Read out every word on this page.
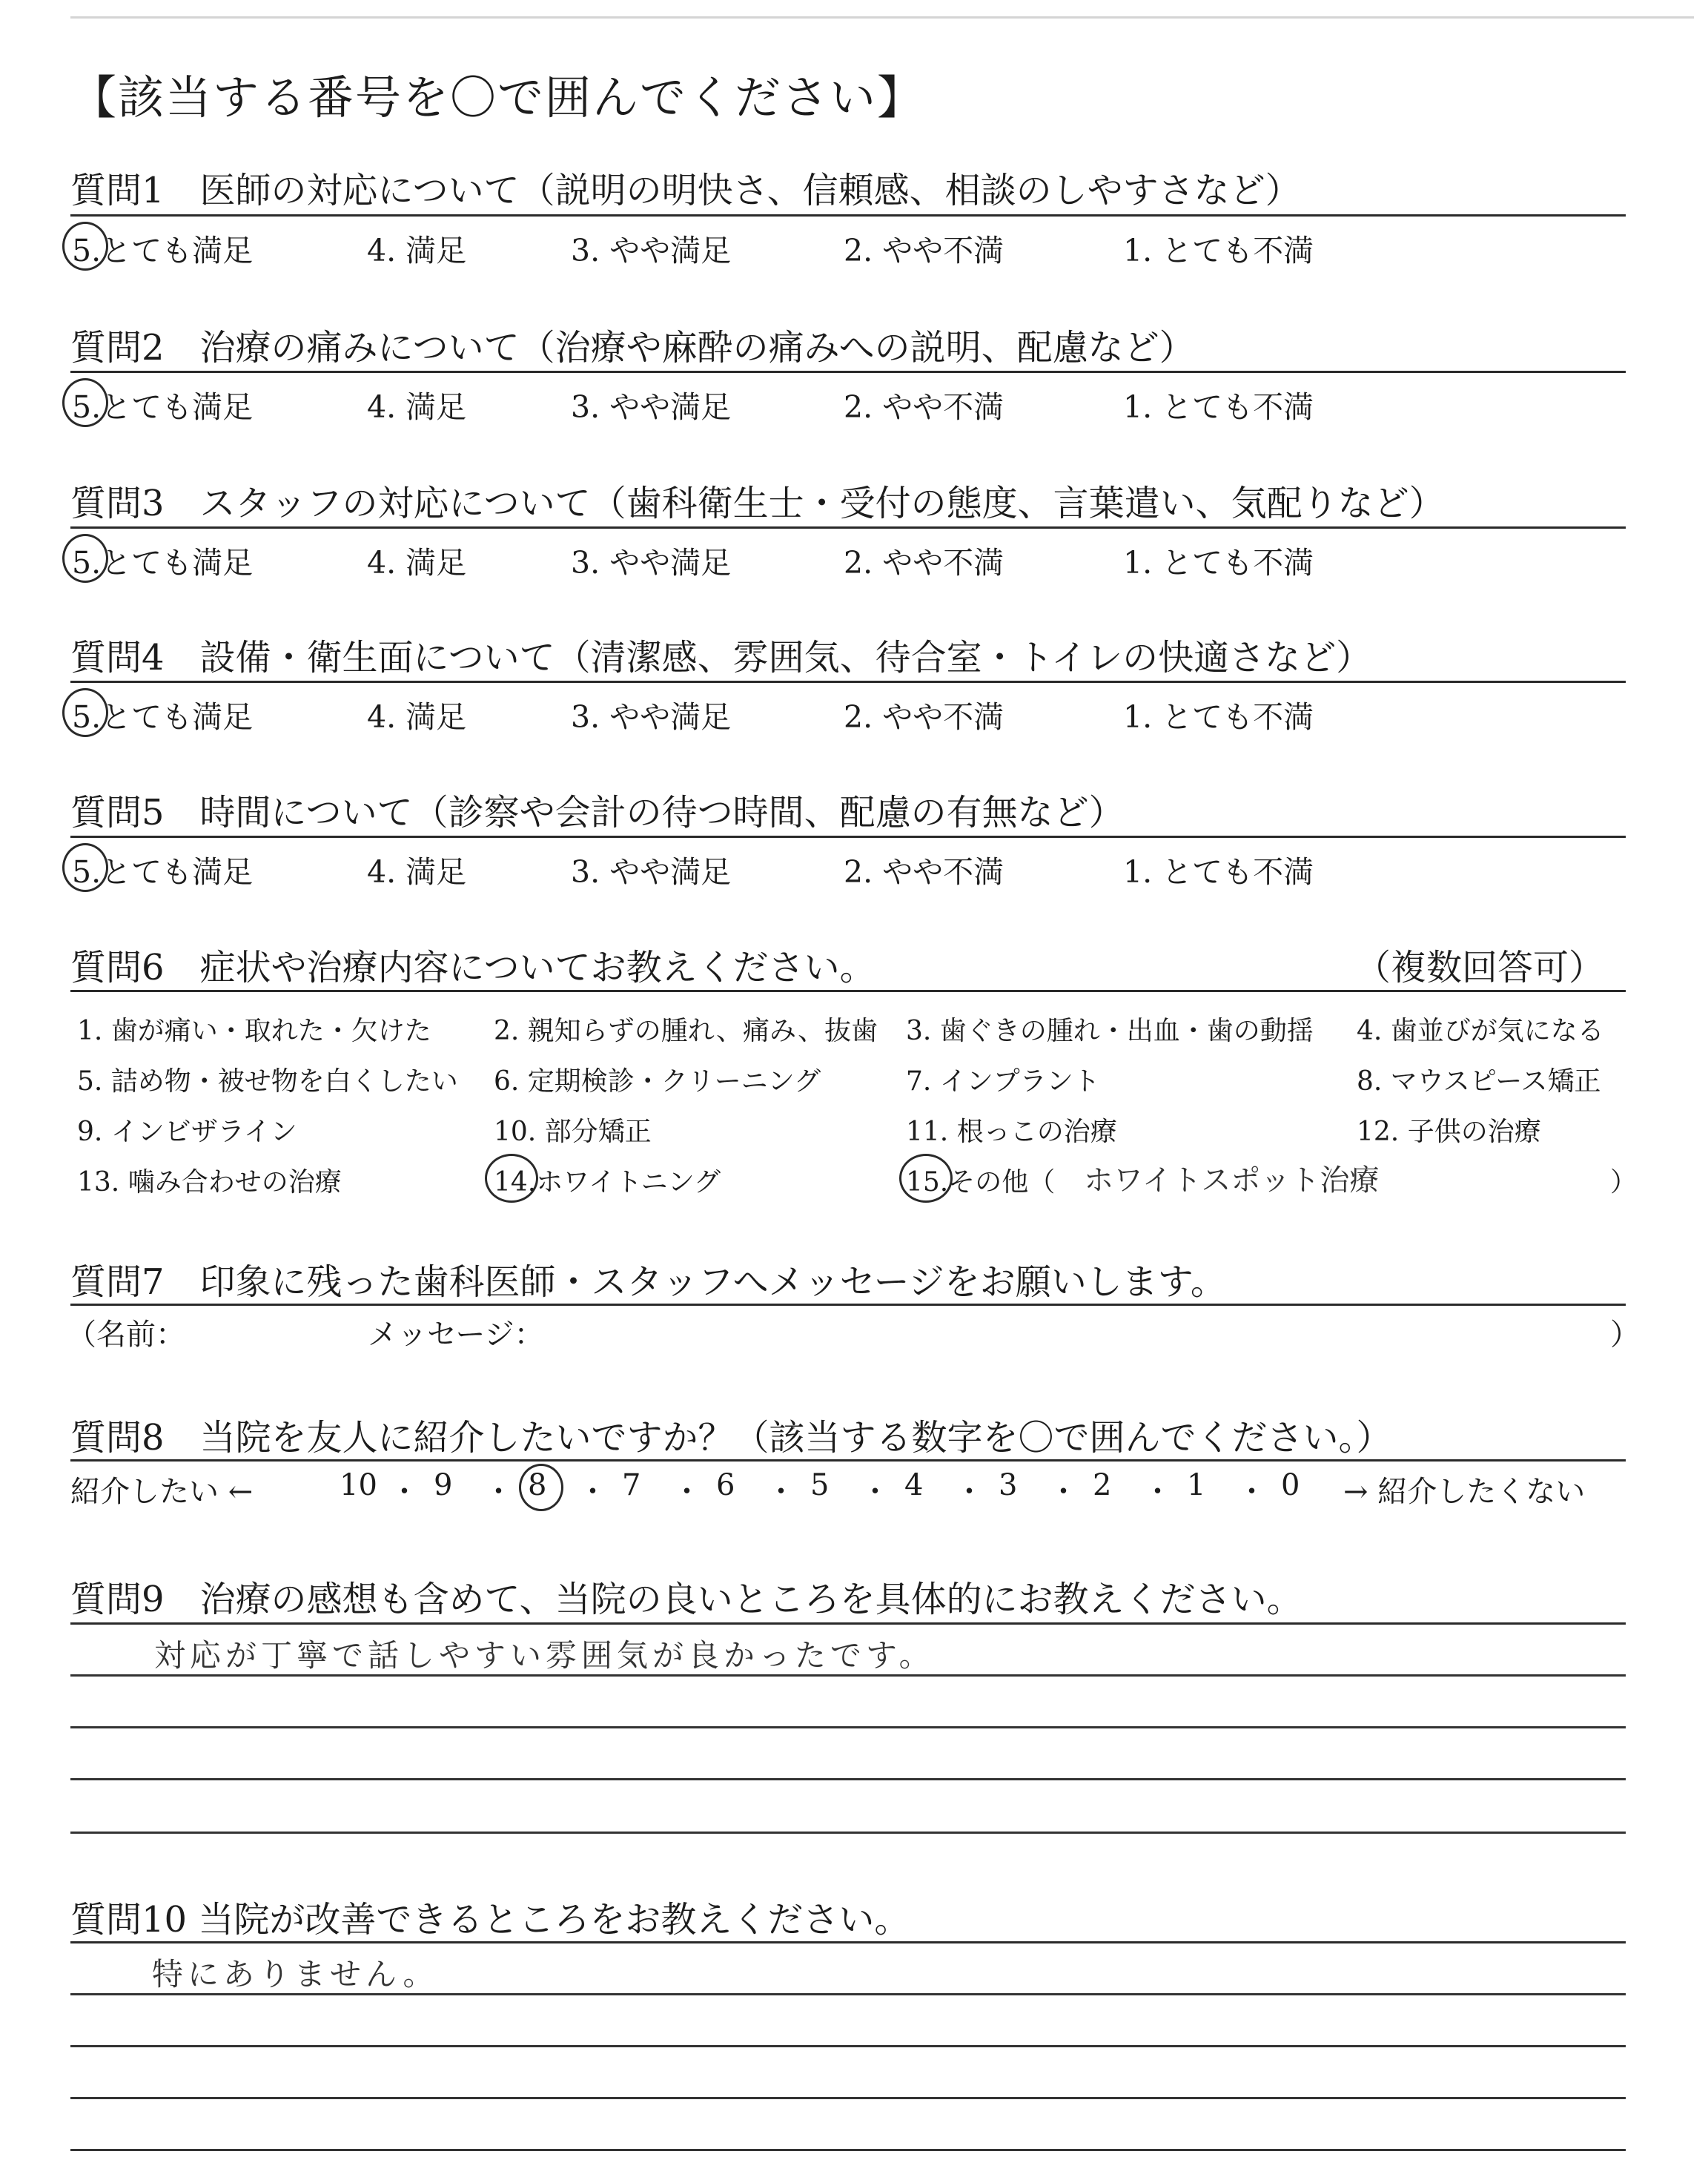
【該当する番号を〇で囲んでください】
質問1　医師の対応について（説明の明快さ、信頼感、相談のしやすさなど）
5.とても満足	4. 満足	3. やや満足	2. やや不満	1. とても不満
質問2　治療の痛みについて（治療や麻酔の痛みへの説明、配慮など）
5.とても満足	4. 満足	3. やや満足	2. やや不満	1. とても不満
質問3　スタッフの対応について（歯科衛生士・受付の態度、言葉遣い、気配りなど）
5.とても満足	4. 満足	3. やや満足	2. やや不満	1. とても不満
質問4　設備・衛生面について（清潔感、雰囲気、待合室・トイレの快適さなど）
5.とても満足	4. 満足	3. やや満足	2. やや不満	1. とても不満
質問5　時間について（診察や会計の待つ時間、配慮の有無など）
5.とても満足	4. 満足	3. やや満足	2. やや不満	1. とても不満
質問6　症状や治療内容についてお教えください。	（複数回答可）
1. 歯が痛い・取れた・欠けた 2. 親知らずの腫れ、痛み、抜歯 3. 歯ぐきの腫れ・出血・歯の動揺 4. 歯並びが気になる
5. 詰め物・被せ物を白くしたい 6. 定期検診・クリーニング	7. インプラント	8. マウスピース矯正
9. インビザライン	10. 部分矯正	11. 根っこの治療	12. 子供の治療
13. 噛み合わせの治療	14.ホワイトニング	15.その他（ ホワイトスポット治療	）
質問7　印象に残った歯科医師・スタッフへメッセージをお願いします。
（名前：	メッセージ：	）
質問8　当院を友人に紹介したいですか？（該当する数字を〇で囲んでください。）
紹介したい ←	10 ・ 9 ・ 8 ・ 7 ・ 6 ・ 5 ・ 4 ・ 3 ・ 2 ・ 1 ・ 0 → 紹介したくない
質問9　治療の感想も含めて、当院の良いところを具体的にお教えください。
対応が丁寧で話しやすい雰囲気が良かったです。
質問10 当院が改善できるところをお教えください。
特にありません。
